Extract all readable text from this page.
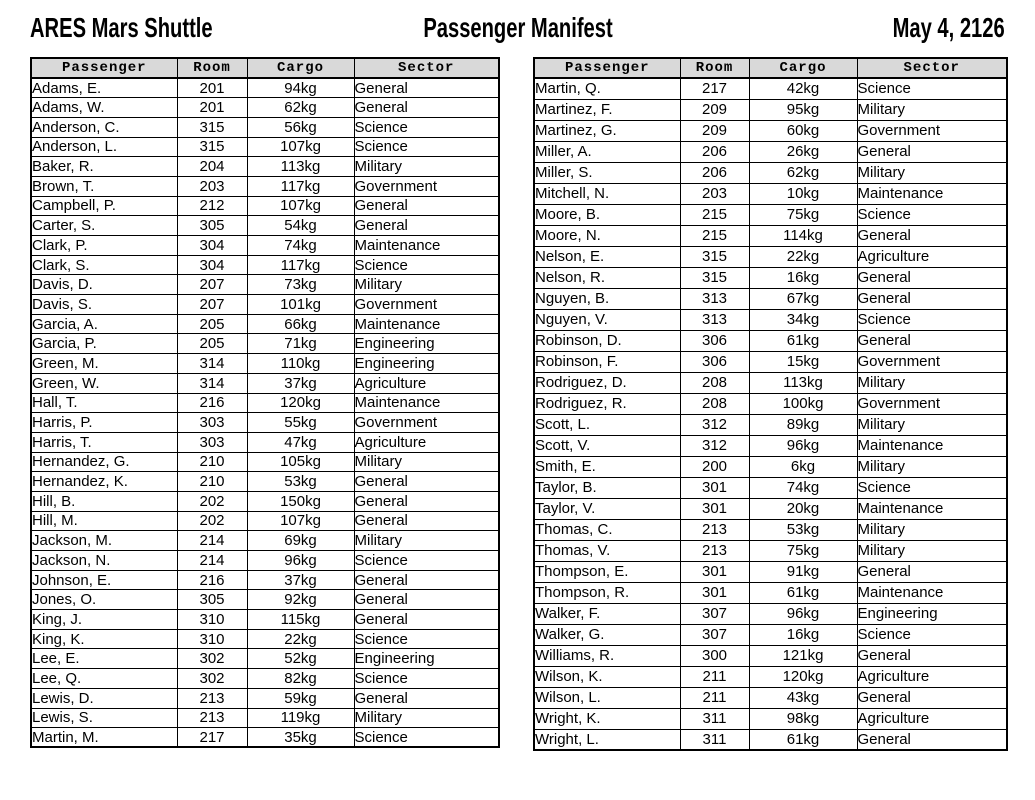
ARES Mars Shuttle	Passenger Manifest	May 4, 2126
Passenger	Room	Cargo	Sector
Adams, E.	201	94kg	General
Adams, W.	201	62kg	General
Anderson, C.	315	56kg	Science
Anderson, L.	315	107kg	Science
Baker, R.	204	113kg	Military
Brown, T.	203	117kg	Government
Campbell, P.	212	107kg	General
Carter, S.	305	54kg	General
Clark, P.	304	74kg	Maintenance
Clark, S.	304	117kg	Science
Davis, D.	207	73kg	Military
Davis, S.	207	101kg	Government
Garcia, A.	205	66kg	Maintenance
Garcia, P.	205	71kg	Engineering
Green, M.	314	110kg	Engineering
Green, W.	314	37kg	Agriculture
Hall, T.	216	120kg	Maintenance
Harris, P.	303	55kg	Government
Harris, T.	303	47kg	Agriculture
Hernandez, G.	210	105kg	Military
Hernandez, K.	210	53kg	General
Hill, B.	202	150kg	General
Hill, M.	202	107kg	General
Jackson, M.	214	69kg	Military
Jackson, N.	214	96kg	Science
Johnson, E.	216	37kg	General
Jones, O.	305	92kg	General
King, J.	310	115kg	General
King, K.	310	22kg	Science
Lee, E.	302	52kg	Engineering
Lee, Q.	302	82kg	Science
Lewis, D.	213	59kg	General
Lewis, S.	213	119kg	Military
Martin, M.	217	35kg	Science
Passenger	Room	Cargo	Sector
Martin, Q.	217	42kg	Science
Martinez, F.	209	95kg	Military
Martinez, G.	209	60kg	Government
Miller, A.	206	26kg	General
Miller, S.	206	62kg	Military
Mitchell, N.	203	10kg	Maintenance
Moore, B.	215	75kg	Science
Moore, N.	215	114kg	General
Nelson, E.	315	22kg	Agriculture
Nelson, R.	315	16kg	General
Nguyen, B.	313	67kg	General
Nguyen, V.	313	34kg	Science
Robinson, D.	306	61kg	General
Robinson, F.	306	15kg	Government
Rodriguez, D.	208	113kg	Military
Rodriguez, R.	208	100kg	Government
Scott, L.	312	89kg	Military
Scott, V.	312	96kg	Maintenance
Smith, E.	200	6kg	Military
Taylor, B.	301	74kg	Science
Taylor, V.	301	20kg	Maintenance
Thomas, C.	213	53kg	Military
Thomas, V.	213	75kg	Military
Thompson, E.	301	91kg	General
Thompson, R.	301	61kg	Maintenance
Walker, F.	307	96kg	Engineering
Walker, G.	307	16kg	Science
Williams, R.	300	121kg	General
Wilson, K.	211	120kg	Agriculture
Wilson, L.	211	43kg	General
Wright, K.	311	98kg	Agriculture
Wright, L.	311	61kg	General
